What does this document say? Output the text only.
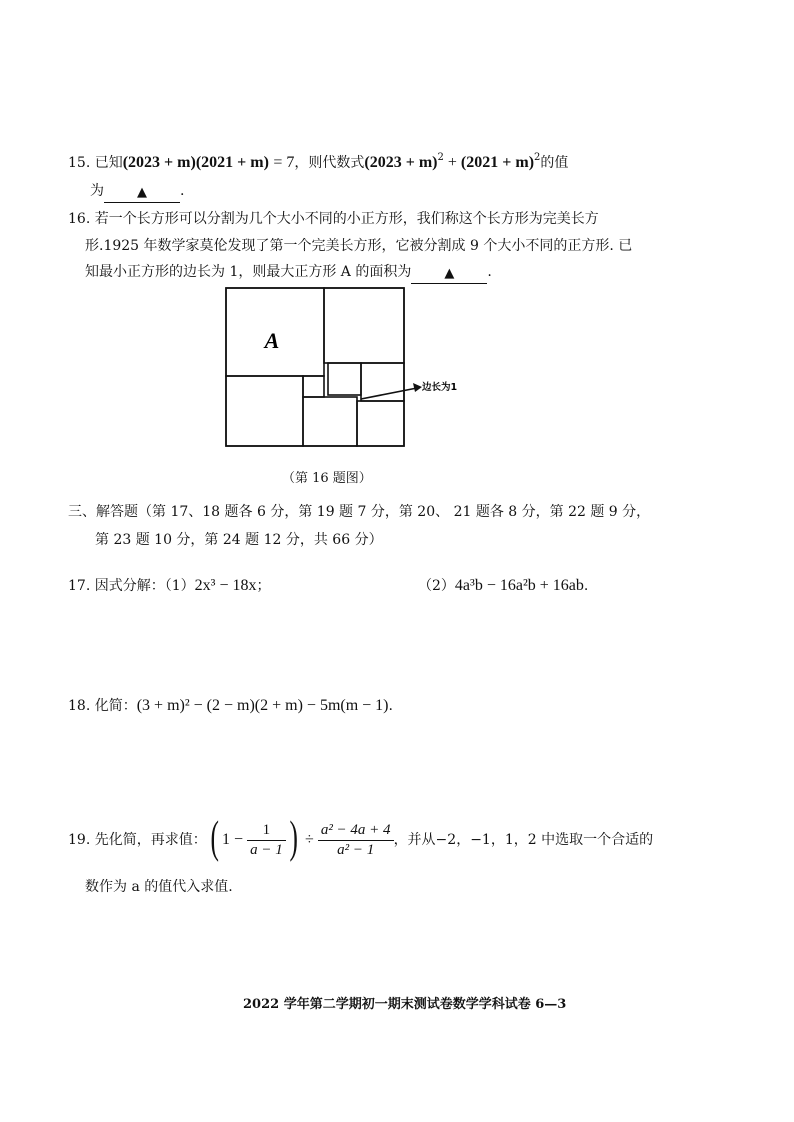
15. 已知(2023 + m)(2021 + m) = 7，则代数式$(2023 + m)^2 + (2021 + m)^2$的值
为	▲ .
16. 若一个长方形可以分割为几个大小不同的小正方形，我们称这个长方形为完美长方
形.1925 年数学家莫伦发现了第一个完美长方形，它被分割成 9 个大小不同的正方形. 已
知最小正方形的边长为 1，则最大正方形 A 的面积为	▲ .
A
边长为1
（第 16 题图）
三、解答题（第 17、18 题各 6 分，第 19 题 7 分，第 20、 21 题各 8 分，第 22 题 9 分，
第 23 题 10 分，第 24 题 12 分，共 66 分）
17. 因式分解：（1）2x³ − 18x；	（2）4a³b − 16a²b + 16ab.
18. 化简：(3 + m)² − (2 − m)(2 + m) − 5m(m − 1).
19. 先化简，再求值：( $1 - \frac{1}{a - 1}$ ) ÷ $\frac{\text{a² − 4a + 4}}{\text{a² − 1}}$ ，并从−2，−1，1，2 中选取一个合适的
数作为 a 的值代入求值.
2022 学年第二学期初一期末测试卷数学学科试卷 6—3
